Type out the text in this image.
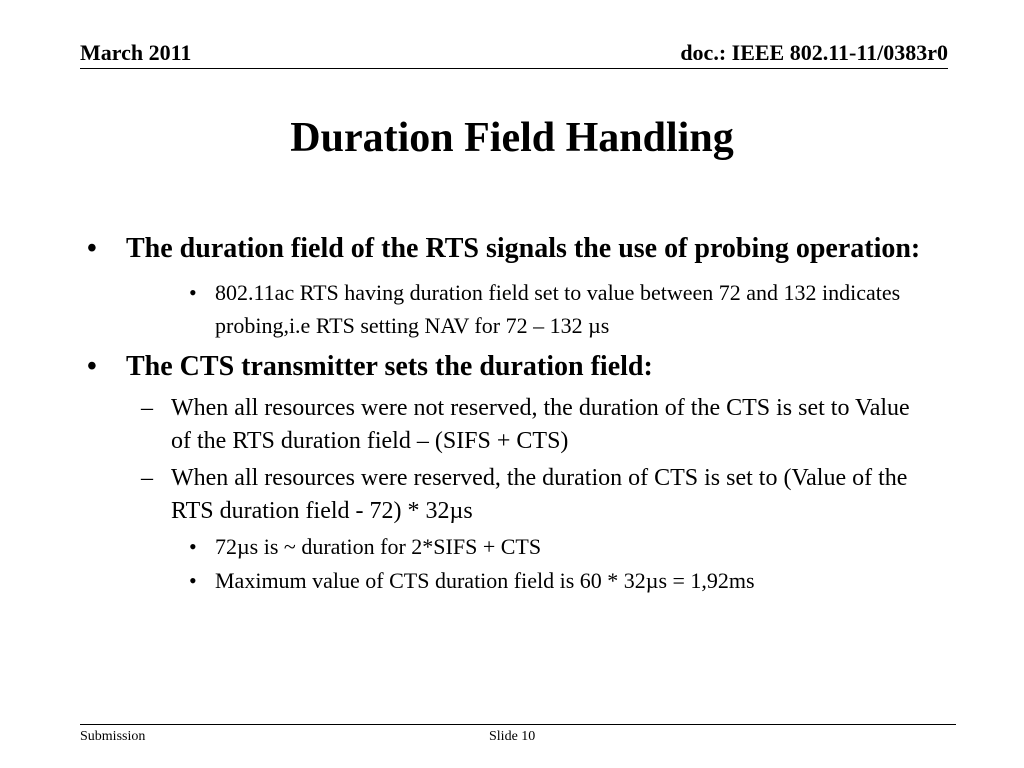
March 2011	doc.: IEEE 802.11-11/0383r0
Duration Field Handling
• The duration field of the RTS signals the use of probing operation:
• 802.11ac RTS having duration field set to value between 72 and 132 indicates probing,i.e RTS setting NAV for 72 – 132 µs
• The CTS transmitter sets the duration field:
– When all resources were not reserved, the duration of the CTS is set to Value of the RTS duration field – (SIFS + CTS)
– When all resources were reserved, the duration of CTS is set to (Value of the RTS duration field - 72) * 32µs
• 72µs is ~ duration for 2*SIFS + CTS
• Maximum value of CTS duration field is 60 * 32µs = 1,92ms
Submission	Slide 10
